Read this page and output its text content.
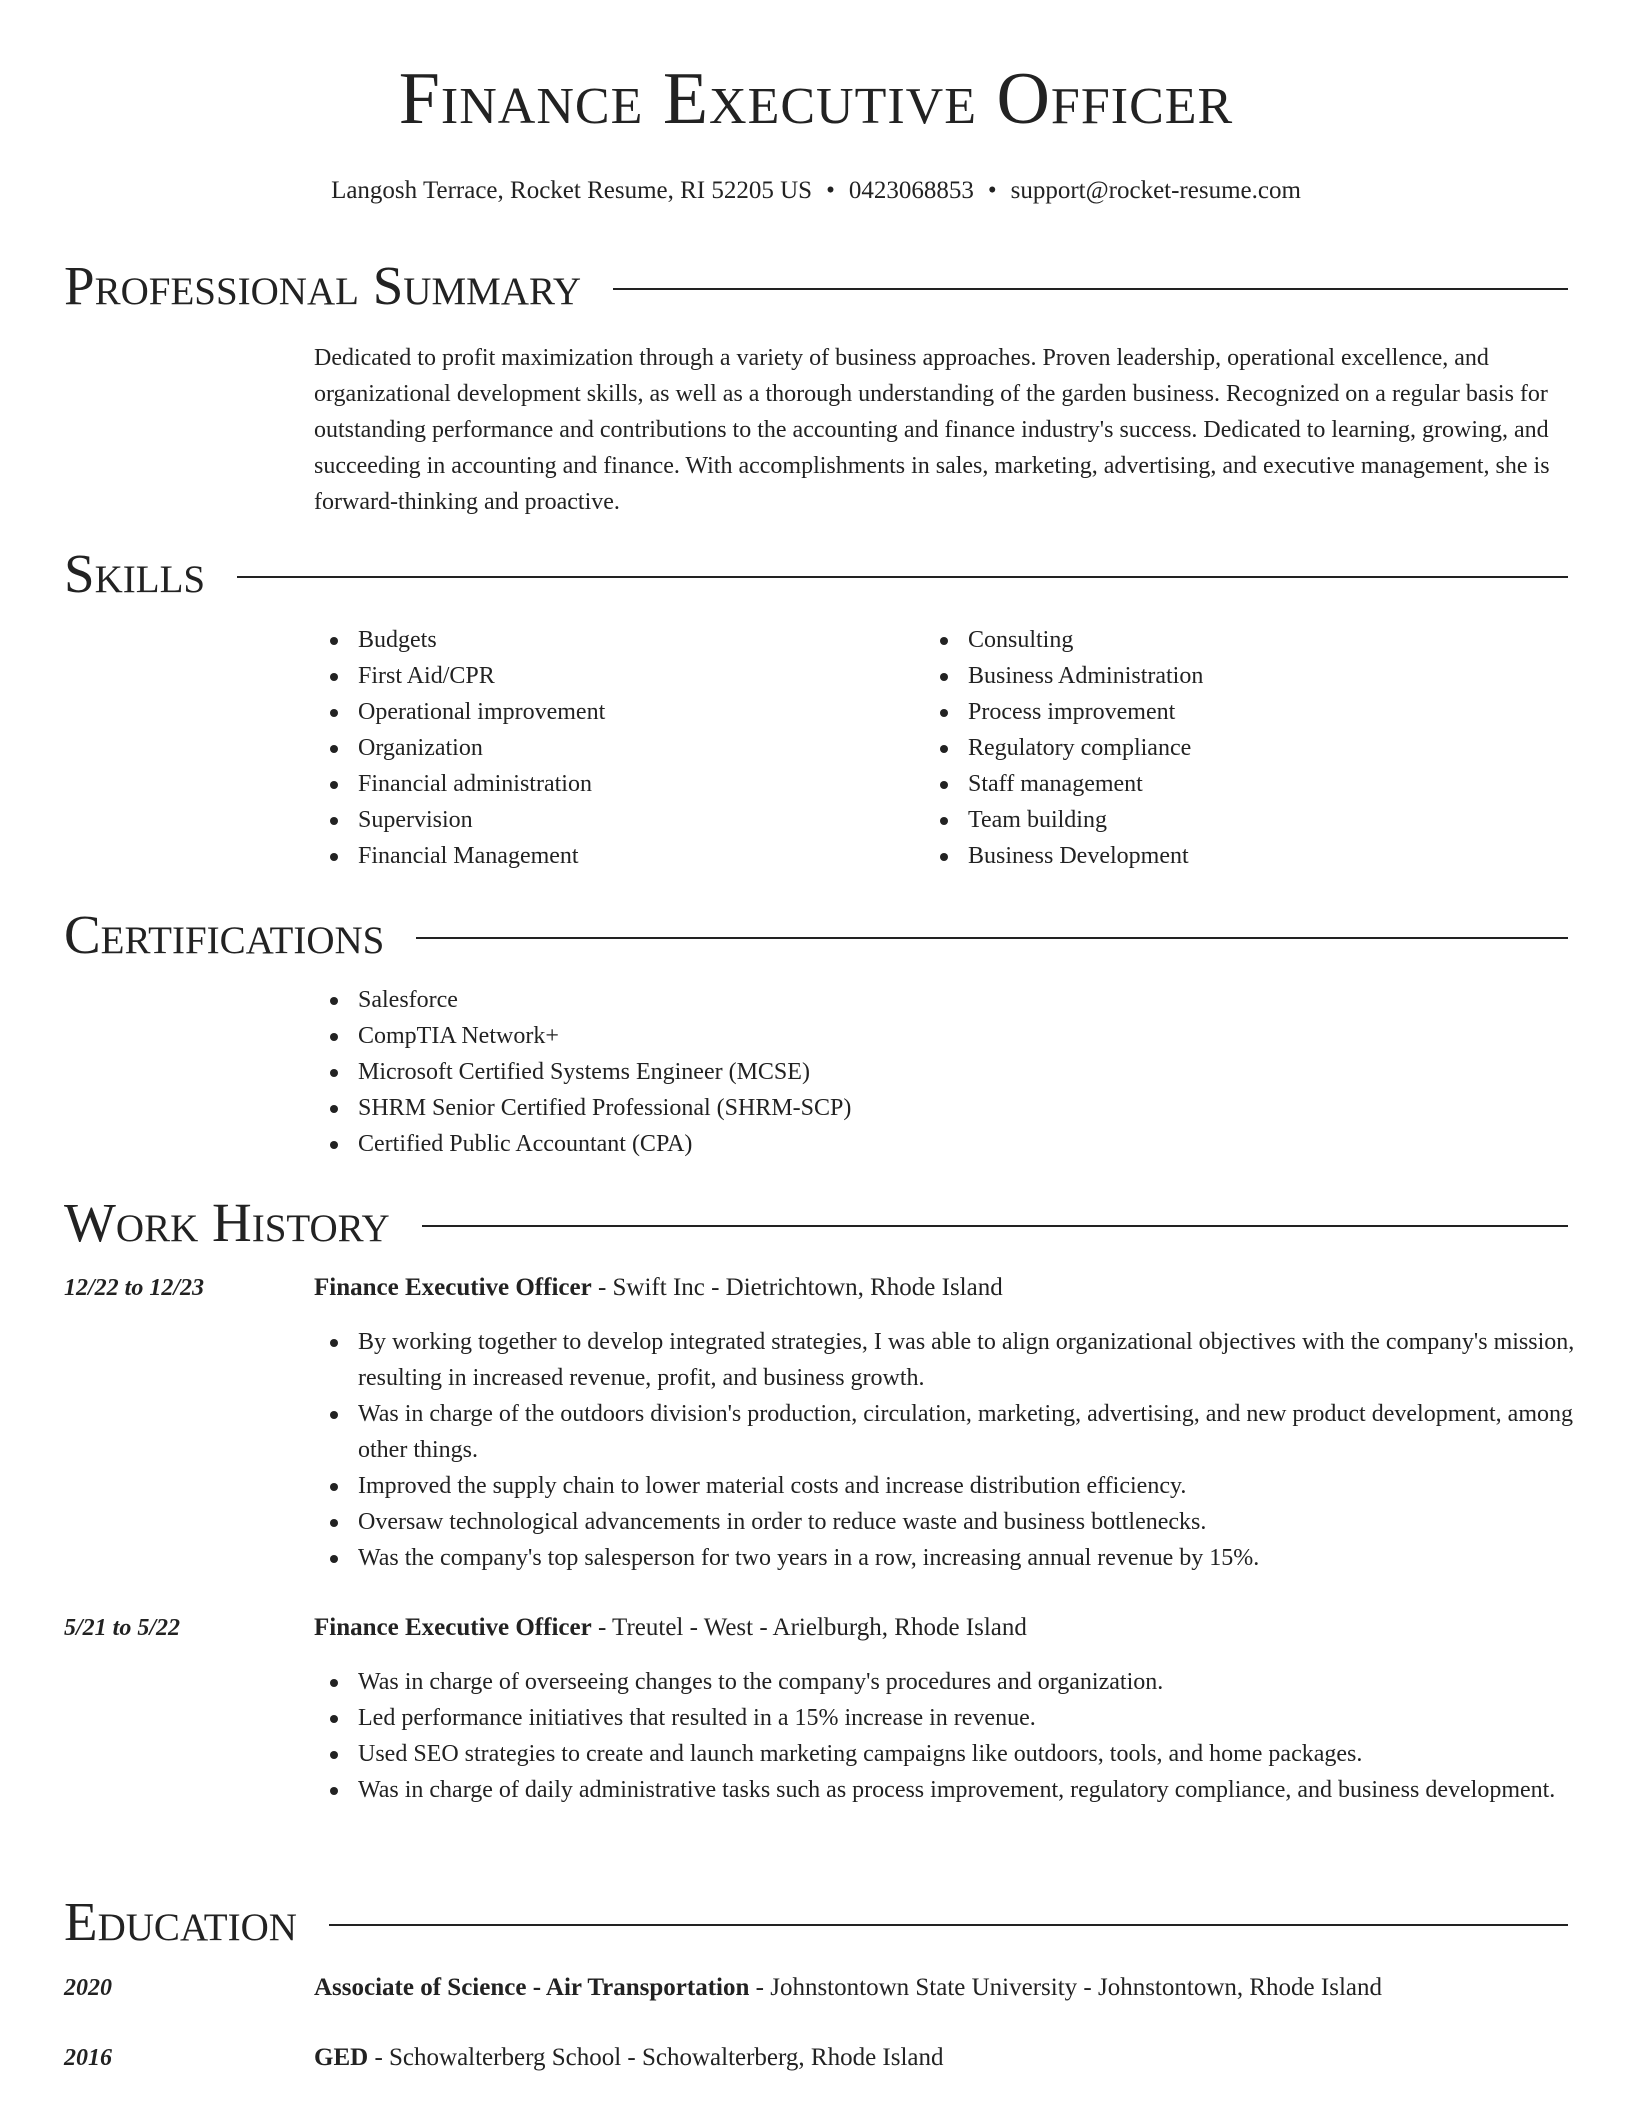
Finance Executive Officer
Langosh Terrace, Rocket Resume, RI 52205 US • 0423068853 • support@rocket-resume.com
Professional Summary

Dedicated to profit maximization through a variety of business approaches. Proven leadership, operational excellence, and organizational development skills, as well as a thorough understanding of the garden business. Recognized on a regular basis for outstanding performance and contributions to the accounting and finance industry's success. Dedicated to learning, growing, and succeeding in accounting and finance. With accomplishments in sales, marketing, advertising, and executive management, she is forward-thinking and proactive.

Skills
Budgets
First Aid/CPR
Operational improvement
Organization
Financial administration
Supervision
Financial Management
Consulting
Business Administration
Process improvement
Regulatory compliance
Staff management
Team building
Business Development
Certifications
Salesforce
CompTIA Network+
Microsoft Certified Systems Engineer (MCSE)
SHRM Senior Certified Professional (SHRM-SCP)
Certified Public Accountant (CPA)
Work History
12/22 to 12/23	Finance Executive Officer - Swift Inc - Dietrichtown, Rhode Island
By working together to develop integrated strategies, I was able to align organizational objectives with the company's mission, resulting in increased revenue, profit, and business growth.
Was in charge of the outdoors division's production, circulation, marketing, advertising, and new product development, among other things.
Improved the supply chain to lower material costs and increase distribution efficiency.
Oversaw technological advancements in order to reduce waste and business bottlenecks.
Was the company's top salesperson for two years in a row, increasing annual revenue by 15%.
5/21 to 5/22	Finance Executive Officer - Treutel - West - Arielburgh, Rhode Island
Was in charge of overseeing changes to the company's procedures and organization.
Led performance initiatives that resulted in a 15% increase in revenue.
Used SEO strategies to create and launch marketing campaigns like outdoors, tools, and home packages.
Was in charge of daily administrative tasks such as process improvement, regulatory compliance, and business development.
Education
2020	Associate of Science - Air Transportation - Johnstontown State University - Johnstontown, Rhode Island
2016	GED - Schowalterberg School - Schowalterberg, Rhode Island
